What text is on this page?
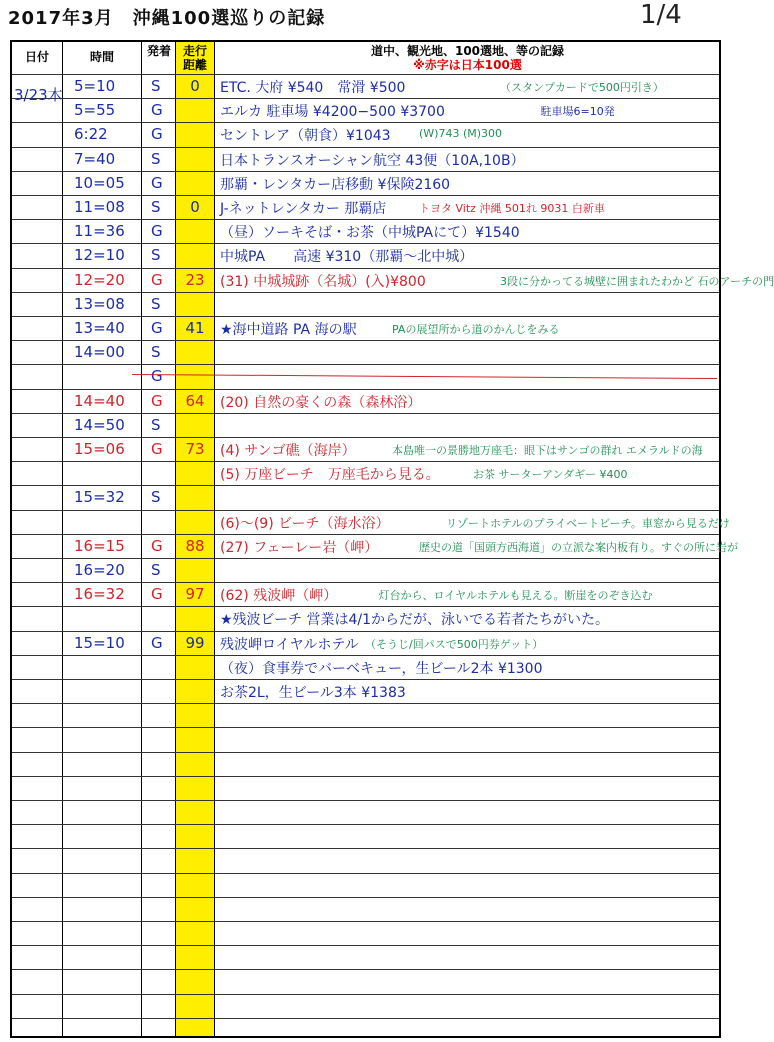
2017年3月　沖縄100選巡りの記録	1/4
日付	時間	発着 走行距離
道中、観光地、100選地、等の記録
※赤字は日本100選
3/23木 5=10 S	0	ETC. 大府 ¥540　常滑 ¥500	（スタンプカードで500円引き）
5=55 G	エルカ 駐車場 ¥4200−500 ¥3700	駐車場6=10発
6:22	G	セントレア（朝食）¥1043	(W)743 (M)300
7=40 S	日本トランスオーシャン航空 43便（10A,10B）
10=05 G	那覇・レンタカー店移動 ¥保険2160
11=08 S	0	J-ネットレンタカー 那覇店	トヨタ Vitz 沖縄 501れ 9031 白新車
11=36 G	（昼）ソーキそば・お茶（中城PAにて）¥1540
12=10 S	中城PA　　高速 ¥310（那覇〜北中城）
12=20 G	23	(31) 中城城跡（名城）(入)¥800	3段に分かってる城壁に囲まれたわかど 石のアーチの門
13=08 S
13=40 G	41	★海中道路 PA 海の駅	PAの展望所から道のかんじをみる
14=00 S
G
14=40 G	64	(20) 自然の豪くの森（森林浴）
14=50 S
15=06 G	73	(4) サンゴ礁（海岸）	本島唯一の景勝地万座毛：眼下はサンゴの群れ エメラルドの海
(5) 万座ビーチ　万座毛から見る。	お茶 サーターアンダギー ¥400
15=32 S
(6)〜(9) ビーチ（海水浴）	リゾートホテルのプライベートビーチ。車窓から見るだけ
16=15 G	88	(27) フェーレー岩（岬）	歴史の道「国頭方西海道」の立派な案内板有り。すぐの所に岩が
16=20 S
16=32 G	97	(62) 残波岬（岬）	灯台から、ロイヤルホテルも見える。断崖をのぞき込む
★残波ビーチ 営業は4/1からだが、泳いでる若者たちがいた。
15=10 G	99	残波岬ロイヤルホテル （そうじ/回パスで500円券ゲット）
（夜）食事券でバーベキュー，生ビール2本 ¥1300
お茶2L，生ビール3本 ¥1383
